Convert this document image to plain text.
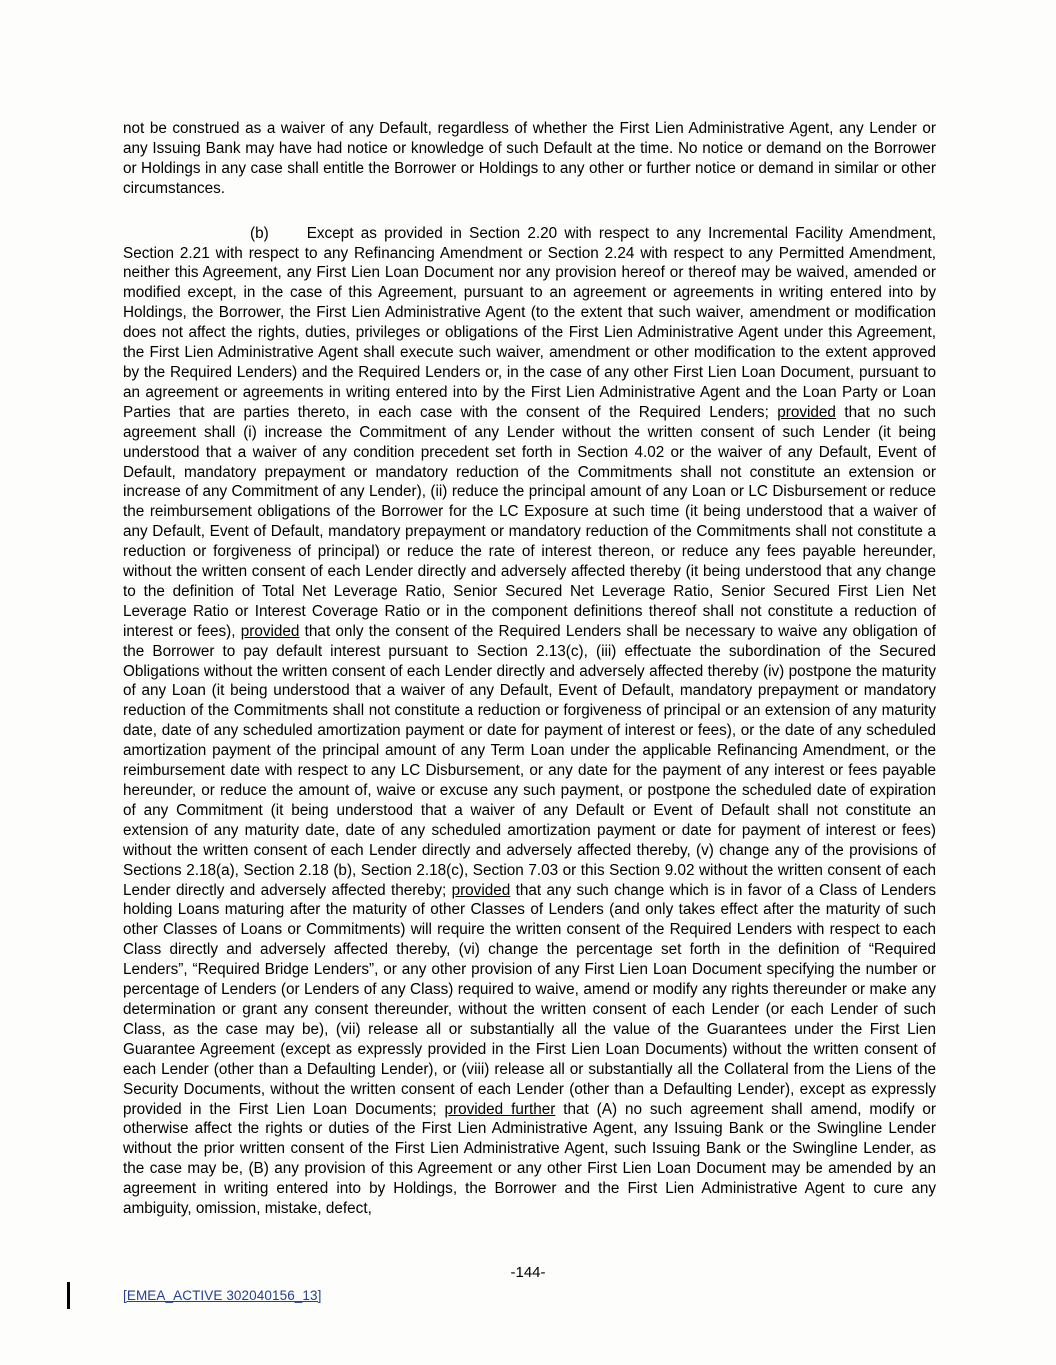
not be construed as a waiver of any Default, regardless of whether the First Lien Administrative Agent, any Lender or any Issuing Bank may have had notice or knowledge of such Default at the time. No notice or demand on the Borrower or Holdings in any case shall entitle the Borrower or Holdings to any other or further notice or demand in similar or other circumstances.

(b) Except as provided in Section 2.20 with respect to any Incremental Facility Amendment, Section 2.21 with respect to any Refinancing Amendment or Section 2.24 with respect to any Permitted Amendment, neither this Agreement, any First Lien Loan Document nor any provision hereof or thereof may be waived, amended or modified except, in the case of this Agreement, pursuant to an agreement or agreements in writing entered into by Holdings, the Borrower, the First Lien Administrative Agent (to the extent that such waiver, amendment or modification does not affect the rights, duties, privileges or obligations of the First Lien Administrative Agent under this Agreement, the First Lien Administrative Agent shall execute such waiver, amendment or other modification to the extent approved by the Required Lenders) and the Required Lenders or, in the case of any other First Lien Loan Document, pursuant to an agreement or agreements in writing entered into by the First Lien Administrative Agent and the Loan Party or Loan Parties that are parties thereto, in each case with the consent of the Required Lenders; provided that no such agreement shall (i) increase the Commitment of any Lender without the written consent of such Lender (it being understood that a waiver of any condition precedent set forth in Section 4.02 or the waiver of any Default, Event of Default, mandatory prepayment or mandatory reduction of the Commitments shall not constitute an extension or increase of any Commitment of any Lender), (ii) reduce the principal amount of any Loan or LC Disbursement or reduce the reimbursement obligations of the Borrower for the LC Exposure at such time (it being understood that a waiver of any Default, Event of Default, mandatory prepayment or mandatory reduction of the Commitments shall not constitute a reduction or forgiveness of principal) or reduce the rate of interest thereon, or reduce any fees payable hereunder, without the written consent of each Lender directly and adversely affected thereby (it being understood that any change to the definition of Total Net Leverage Ratio, Senior Secured Net Leverage Ratio, Senior Secured First Lien Net Leverage Ratio or Interest Coverage Ratio or in the component definitions thereof shall not constitute a reduction of interest or fees), provided that only the consent of the Required Lenders shall be necessary to waive any obligation of the Borrower to pay default interest pursuant to Section 2.13(c), (iii) effectuate the subordination of the Secured Obligations without the written consent of each Lender directly and adversely affected thereby (iv) postpone the maturity of any Loan (it being understood that a waiver of any Default, Event of Default, mandatory prepayment or mandatory reduction of the Commitments shall not constitute a reduction or forgiveness of principal or an extension of any maturity date, date of any scheduled amortization payment or date for payment of interest or fees), or the date of any scheduled amortization payment of the principal amount of any Term Loan under the applicable Refinancing Amendment, or the reimbursement date with respect to any LC Disbursement, or any date for the payment of any interest or fees payable hereunder, or reduce the amount of, waive or excuse any such payment, or postpone the scheduled date of expiration of any Commitment (it being understood that a waiver of any Default or Event of Default shall not constitute an extension of any maturity date, date of any scheduled amortization payment or date for payment of interest or fees) without the written consent of each Lender directly and adversely affected thereby, (v) change any of the provisions of Sections 2.18(a), Section 2.18 (b), Section 2.18(c), Section 7.03 or this Section 9.02 without the written consent of each Lender directly and adversely affected thereby; provided that any such change which is in favor of a Class of Lenders holding Loans maturing after the maturity of other Classes of Lenders (and only takes effect after the maturity of such other Classes of Loans or Commitments) will require the written consent of the Required Lenders with respect to each Class directly and adversely affected thereby, (vi) change the percentage set forth in the definition of “Required Lenders”, “Required Bridge Lenders”, or any other provision of any First Lien Loan Document specifying the number or percentage of Lenders (or Lenders of any Class) required to waive, amend or modify any rights thereunder or make any determination or grant any consent thereunder, without the written consent of each Lender (or each Lender of such Class, as the case may be), (vii) release all or substantially all the value of the Guarantees under the First Lien Guarantee Agreement (except as expressly provided in the First Lien Loan Documents) without the written consent of each Lender (other than a Defaulting Lender), or (viii) release all or substantially all the Collateral from the Liens of the Security Documents, without the written consent of each Lender (other than a Defaulting Lender), except as expressly provided in the First Lien Loan Documents; provided further that (A) no such agreement shall amend, modify or otherwise affect the rights or duties of the First Lien Administrative Agent, any Issuing Bank or the Swingline Lender without the prior written consent of the First Lien Administrative Agent, such Issuing Bank or the Swingline Lender, as the case may be, (B) any provision of this Agreement or any other First Lien Loan Document may be amended by an agreement in writing entered into by Holdings, the Borrower and the First Lien Administrative Agent to cure any ambiguity, omission, mistake, defect,

-144-
[EMEA_ACTIVE 302040156_13]
